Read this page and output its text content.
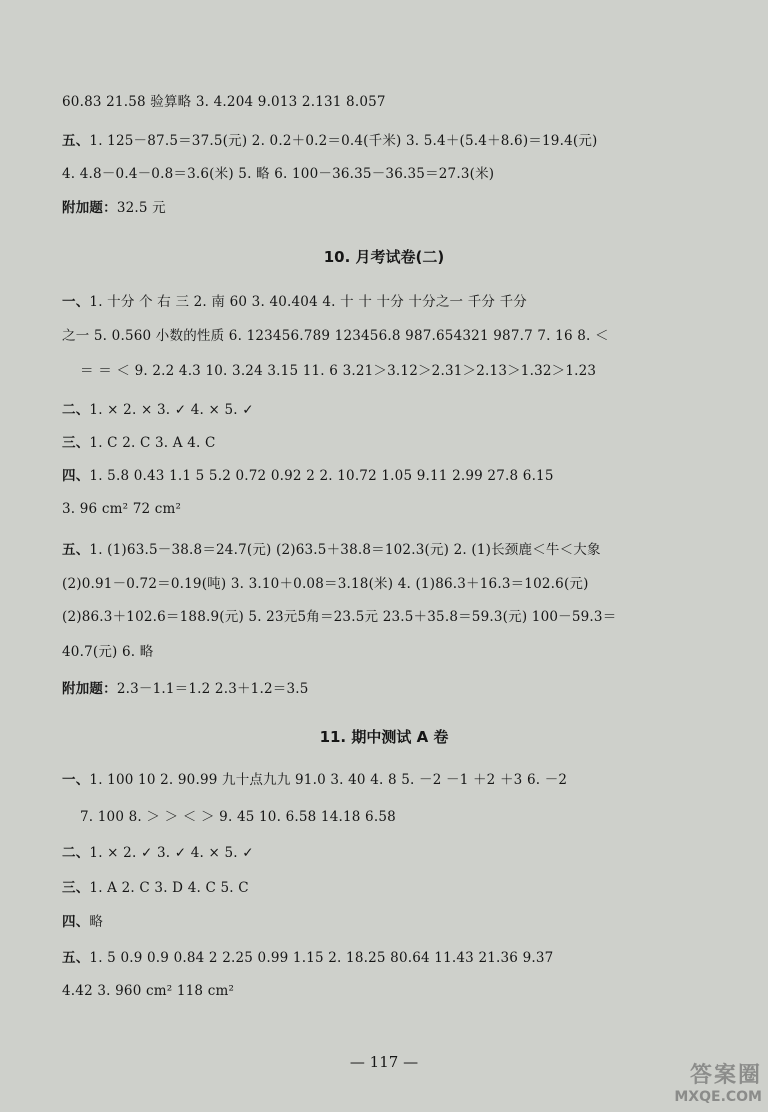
60.83 21.58 验算略 3. 4.204 9.013 2.131 8.057
五、1. 125－87.5＝37.5(元) 2. 0.2＋0.2＝0.4(千米) 3. 5.4＋(5.4＋8.6)＝19.4(元)
4. 4.8－0.4－0.8＝3.6(米) 5. 略 6. 100－36.35－36.35＝27.3(米)
附加题：32.5 元
10. 月考试卷(二)
一、1. 十分 个 右 三 2. 南 60 3. 40.404 4. 十 十 十分 十分之一 千分 千分
之一 5. 0.560 小数的性质 6. 123456.789 123456.8 987.654321 987.7 7. 16 8. ＜
＝ ＝ ＜ 9. 2.2 4.3 10. 3.24 3.15 11. 6 3.21＞3.12＞2.31＞2.13＞1.32＞1.23
二、1. × 2. × 3. ✓ 4. × 5. ✓
三、1. C 2. C 3. A 4. C
四、1. 5.8 0.43 1.1 5 5.2 0.72 0.92 2 2. 10.72 1.05 9.11 2.99 27.8 6.15
3. 96 cm² 72 cm²
五、1. (1)63.5－38.8＝24.7(元) (2)63.5＋38.8＝102.3(元) 2. (1)长颈鹿＜牛＜大象
(2)0.91－0.72＝0.19(吨) 3. 3.10＋0.08＝3.18(米) 4. (1)86.3＋16.3＝102.6(元)
(2)86.3＋102.6＝188.9(元) 5. 23元5角＝23.5元 23.5＋35.8＝59.3(元) 100－59.3＝
40.7(元) 6. 略
附加题：2.3－1.1＝1.2 2.3＋1.2＝3.5
11. 期中测试 A 卷
一、1. 100 10 2. 90.99 九十点九九 91.0 3. 40 4. 8 5. －2 －1 ＋2 ＋3 6. －2
7. 100 8. ＞ ＞ ＜ ＞ 9. 45 10. 6.58 14.18 6.58
二、1. × 2. ✓ 3. ✓ 4. × 5. ✓
三、1. A 2. C 3. D 4. C 5. C
四、略
五、1. 5 0.9 0.9 0.84 2 2.25 0.99 1.15 2. 18.25 80.64 11.43 21.36 9.37
4.42 3. 960 cm² 118 cm²
— 117 —
答案圈
MXQE.COM
